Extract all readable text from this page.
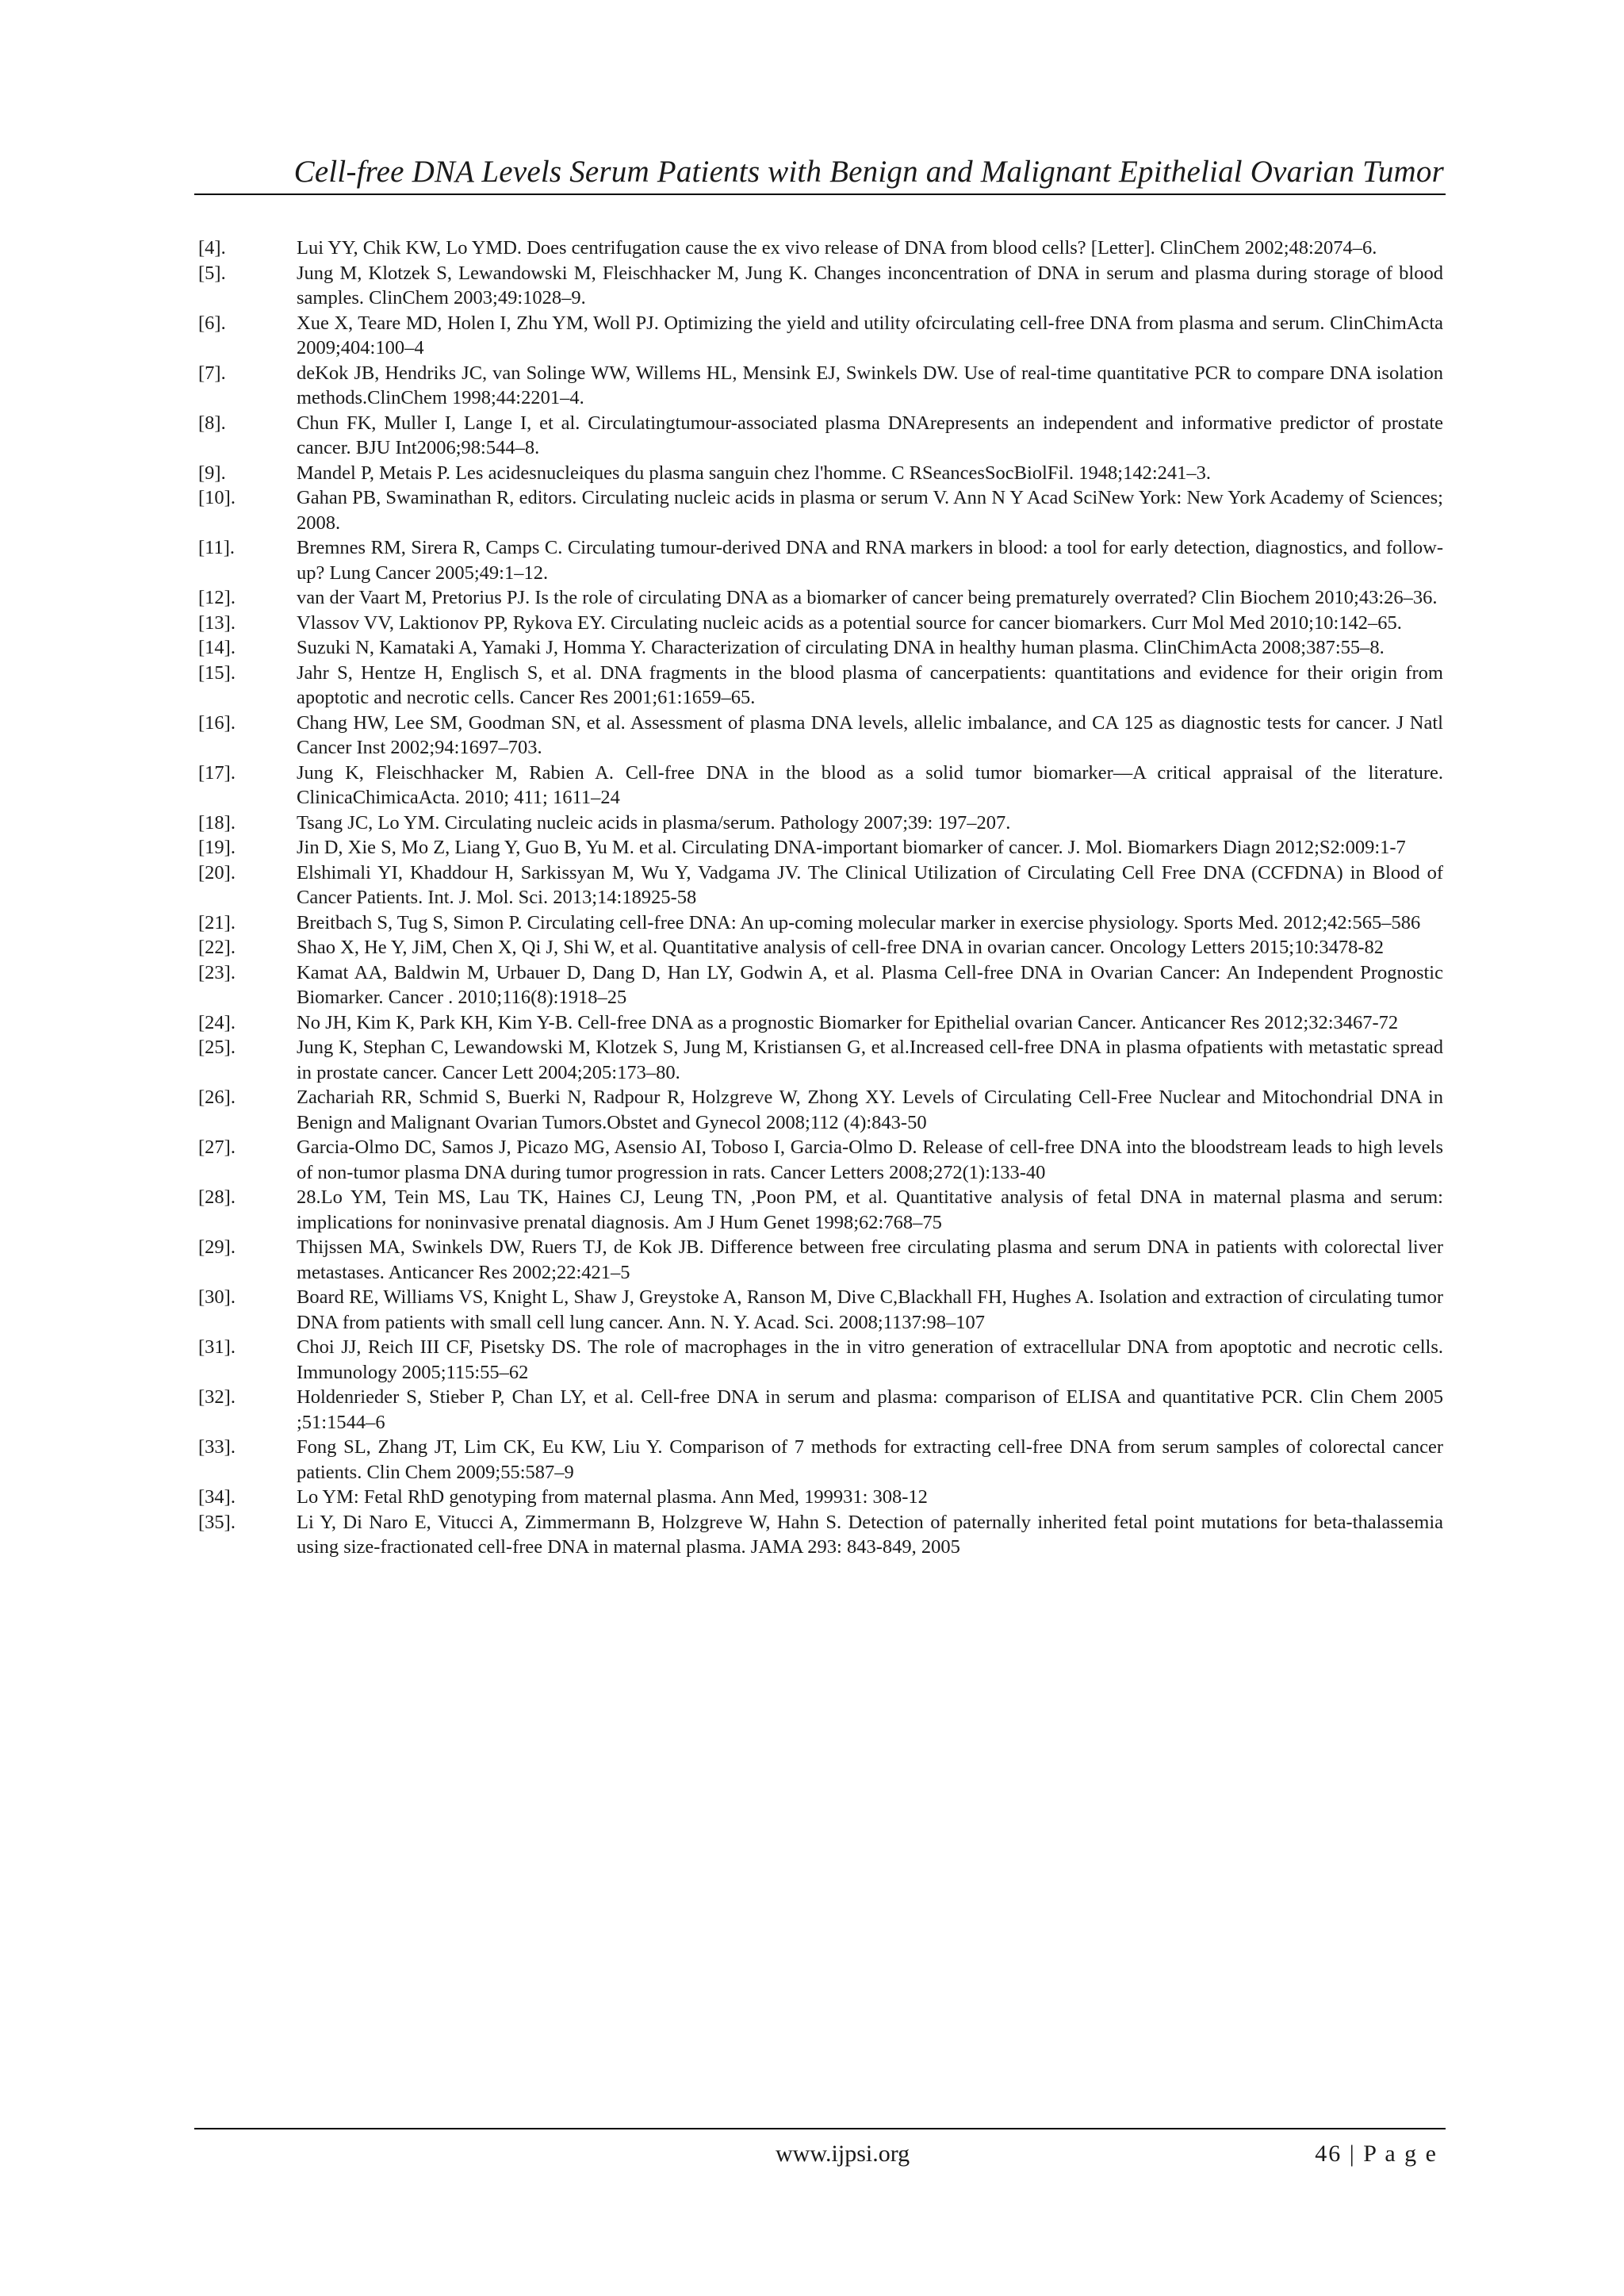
Cell-free DNA Levels Serum Patients with Benign and Malignant Epithelial Ovarian Tumor
[4].	Lui YY, Chik KW, Lo YMD. Does centrifugation cause the ex vivo release of DNA from blood cells? [Letter]. ClinChem 2002;48:2074–6.
[5].	Jung M, Klotzek S, Lewandowski M, Fleischhacker M, Jung K. Changes inconcentration of DNA in serum and plasma during storage of blood samples. ClinChem 2003;49:1028–9.
[6].	Xue X, Teare MD, Holen I, Zhu YM, Woll PJ. Optimizing the yield and utility ofcirculating cell-free DNA from plasma and serum. ClinChimActa 2009;404:100–4
[7].	deKok JB, Hendriks JC, van Solinge WW, Willems HL, Mensink EJ, Swinkels DW. Use of real-time quantitative PCR to compare DNA isolation methods.ClinChem 1998;44:2201–4.
[8].	Chun FK, Muller I, Lange I, et al. Circulatingtumour-associated plasma DNArepresents an independent and informative predictor of prostate cancer. BJU Int2006;98:544–8.
[9].	Mandel P, Metais P. Les acidesnucleiques du plasma sanguin chez l'homme. C RSeancesSocBiolFil. 1948;142:241–3.
[10].	Gahan PB, Swaminathan R, editors. Circulating nucleic acids in plasma or serum V. Ann N Y Acad SciNew York: New York Academy of Sciences; 2008.
[11].	Bremnes RM, Sirera R, Camps C. Circulating tumour-derived DNA and RNA markers in blood: a tool for early detection, diagnostics, and follow-up? Lung Cancer 2005;49:1–12.
[12].	van der Vaart M, Pretorius PJ. Is the role of circulating DNA as a biomarker of cancer being prematurely overrated? Clin Biochem 2010;43:26–36.
[13].	Vlassov VV, Laktionov PP, Rykova EY. Circulating nucleic acids as a potential source for cancer biomarkers. Curr Mol Med 2010;10:142–65.
[14].	Suzuki N, Kamataki A, Yamaki J, Homma Y. Characterization of circulating DNA in healthy human plasma. ClinChimActa 2008;387:55–8.
[15].	Jahr S, Hentze H, Englisch S, et al. DNA fragments in the blood plasma of cancerpatients: quantitations and evidence for their origin from apoptotic and necrotic cells. Cancer Res 2001;61:1659–65.
[16].	Chang HW, Lee SM, Goodman SN, et al. Assessment of plasma DNA levels, allelic imbalance, and CA 125 as diagnostic tests for cancer. J Natl Cancer Inst 2002;94:1697–703.
[17].	Jung K, Fleischhacker M, Rabien A. Cell-free DNA in the blood as a solid tumor biomarker—A critical appraisal of the literature. ClinicaChimicaActa. 2010; 411; 1611–24
[18].	Tsang JC, Lo YM. Circulating nucleic acids in plasma/serum. Pathology 2007;39: 197–207.
[19].	Jin D, Xie S, Mo Z, Liang Y, Guo B, Yu M. et al. Circulating DNA-important biomarker of cancer. J. Mol. Biomarkers Diagn 2012;S2:009:1-7
[20].	Elshimali YI, Khaddour H, Sarkissyan M, Wu Y, Vadgama JV. The Clinical Utilization of Circulating Cell Free DNA (CCFDNA) in Blood of Cancer Patients. Int. J. Mol. Sci. 2013;14:18925-58
[21].	Breitbach S, Tug S, Simon P. Circulating cell-free DNA: An up-coming molecular marker in exercise physiology. Sports Med. 2012;42:565–586
[22].	Shao X, He Y, JiM, Chen X, Qi J, Shi W, et al. Quantitative analysis of cell-free DNA in ovarian cancer. Oncology Letters 2015;10:3478-82
[23].	Kamat AA, Baldwin M, Urbauer D, Dang D, Han LY, Godwin A, et al. Plasma Cell-free DNA in Ovarian Cancer: An Independent Prognostic Biomarker. Cancer . 2010;116(8):1918–25
[24].	No JH, Kim K, Park KH, Kim Y-B. Cell-free DNA as a prognostic Biomarker for Epithelial ovarian Cancer. Anticancer Res 2012;32:3467-72
[25].	Jung K, Stephan C, Lewandowski M, Klotzek S, Jung M, Kristiansen G, et al.Increased cell-free DNA in plasma ofpatients with metastatic spread in prostate cancer. Cancer Lett 2004;205:173–80.
[26].	Zachariah RR, Schmid S, Buerki N, Radpour R, Holzgreve W, Zhong XY. Levels of Circulating Cell-Free Nuclear and Mitochondrial DNA in Benign and Malignant Ovarian Tumors.Obstet and Gynecol 2008;112 (4):843-50
[27].	Garcia-Olmo DC, Samos J, Picazo MG, Asensio AI, Toboso I, Garcia-Olmo D. Release of cell-free DNA into the bloodstream leads to high levels of non-tumor plasma DNA during tumor progression in rats. Cancer Letters 2008;272(1):133-40
[28].	28.Lo YM, Tein MS, Lau TK, Haines CJ, Leung TN, ,Poon PM, et al. Quantitative analysis of fetal DNA in maternal plasma and serum: implications for noninvasive prenatal diagnosis. Am J Hum Genet 1998;62:768–75
[29].	Thijssen MA, Swinkels DW, Ruers TJ, de Kok JB. Difference between free circulating plasma and serum DNA in patients with colorectal liver metastases. Anticancer Res 2002;22:421–5
[30].	Board RE, Williams VS, Knight L, Shaw J, Greystoke A, Ranson M, Dive C,Blackhall FH, Hughes A. Isolation and extraction of circulating tumor DNA from patients with small cell lung cancer. Ann. N. Y. Acad. Sci. 2008;1137:98–107
[31].	Choi JJ, Reich III CF, Pisetsky DS. The role of macrophages in the in vitro generation of extracellular DNA from apoptotic and necrotic cells. Immunology 2005;115:55–62
[32].	Holdenrieder S, Stieber P, Chan LY, et al. Cell-free DNA in serum and plasma: comparison of ELISA and quantitative PCR. Clin Chem 2005 ;51:1544–6
[33].	Fong SL, Zhang JT, Lim CK, Eu KW, Liu Y. Comparison of 7 methods for extracting cell-free DNA from serum samples of colorectal cancer patients. Clin Chem 2009;55:587–9
[34].	Lo YM: Fetal RhD genotyping from maternal plasma. Ann Med, 199931: 308-12
[35].	Li Y, Di Naro E, Vitucci A, Zimmermann B, Holzgreve W, Hahn S. Detection of paternally inherited fetal point mutations for beta-thalassemia using size-fractionated cell-free DNA in maternal plasma. JAMA 293: 843-849, 2005
www.ijpsi.org	46 | P a g e
